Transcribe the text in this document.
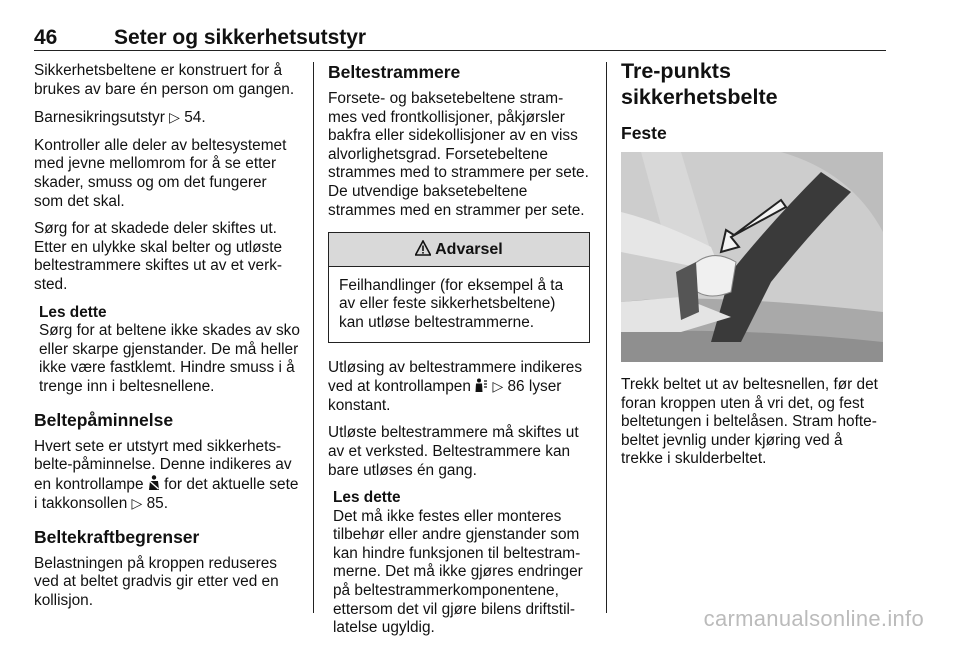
46	Seter og sikkerhetsutstyr

Sikkerhetsbeltene er konstruert for å brukes av bare én person om gangen.

Barnesikringsutstyr ▷ 54.

Kontroller alle deler av beltesystemet med jevne mellomrom for å se etter skader, smuss og om det fungerer som det skal.

Sørg for at skadede deler skiftes ut. Etter en ulykke skal belter og utløste beltestrammere skiftes ut av et verk-sted.

Les dette
Sørg for at beltene ikke skades av sko eller skarpe gjenstander. De må heller ikke være fastklemt. Hindre smuss i å trenge inn i beltesnellene.
Beltepåminnelse

Hvert sete er utstyrt med sikkerhets-belte-påminnelse. Denne indikeres av en kontrollampe for det aktuelle sete i takkonsollen ▷ 85.

Beltekraftbegrenser

Belastningen på kroppen reduseres ved at beltet gradvis gir etter ved en kollisjon.

Beltestrammere

Forsete- og baksetebeltene stram-mes ved frontkollisjoner, påkjørsler bakfra eller sidekollisjoner av en viss alvorlighetsgrad. Forsetebeltene strammes med to strammere per sete. De utvendige baksetebeltene strammes med en strammer per sete.

Advarsel
Feilhandlinger (for eksempel å ta av eller feste sikkerhetsbeltene) kan utløse beltestrammerne.

Utløsing av beltestrammere indikeres ved at kontrollampen ▷ 86 lyser konstant.

Utløste beltestrammere må skiftes ut av et verksted. Beltestrammere kan bare utløses én gang.

Les dette
Det må ikke festes eller monteres tilbehør eller andre gjenstander som kan hindre funksjonen til beltestram-merne. Det må ikke gjøres endringer på beltestrammerkomponentene, ettersom det vil gjøre bilens driftstil-latelse ugyldig.
Tre-punkts sikkerhetsbelte
Feste

Trekk beltet ut av beltesnellen, før det foran kroppen uten å vri det, og fest beltetungen i beltelåsen. Stram hofte-beltet jevnlig under kjøring ved å trekke i skulderbeltet.

carmanualsonline.info
